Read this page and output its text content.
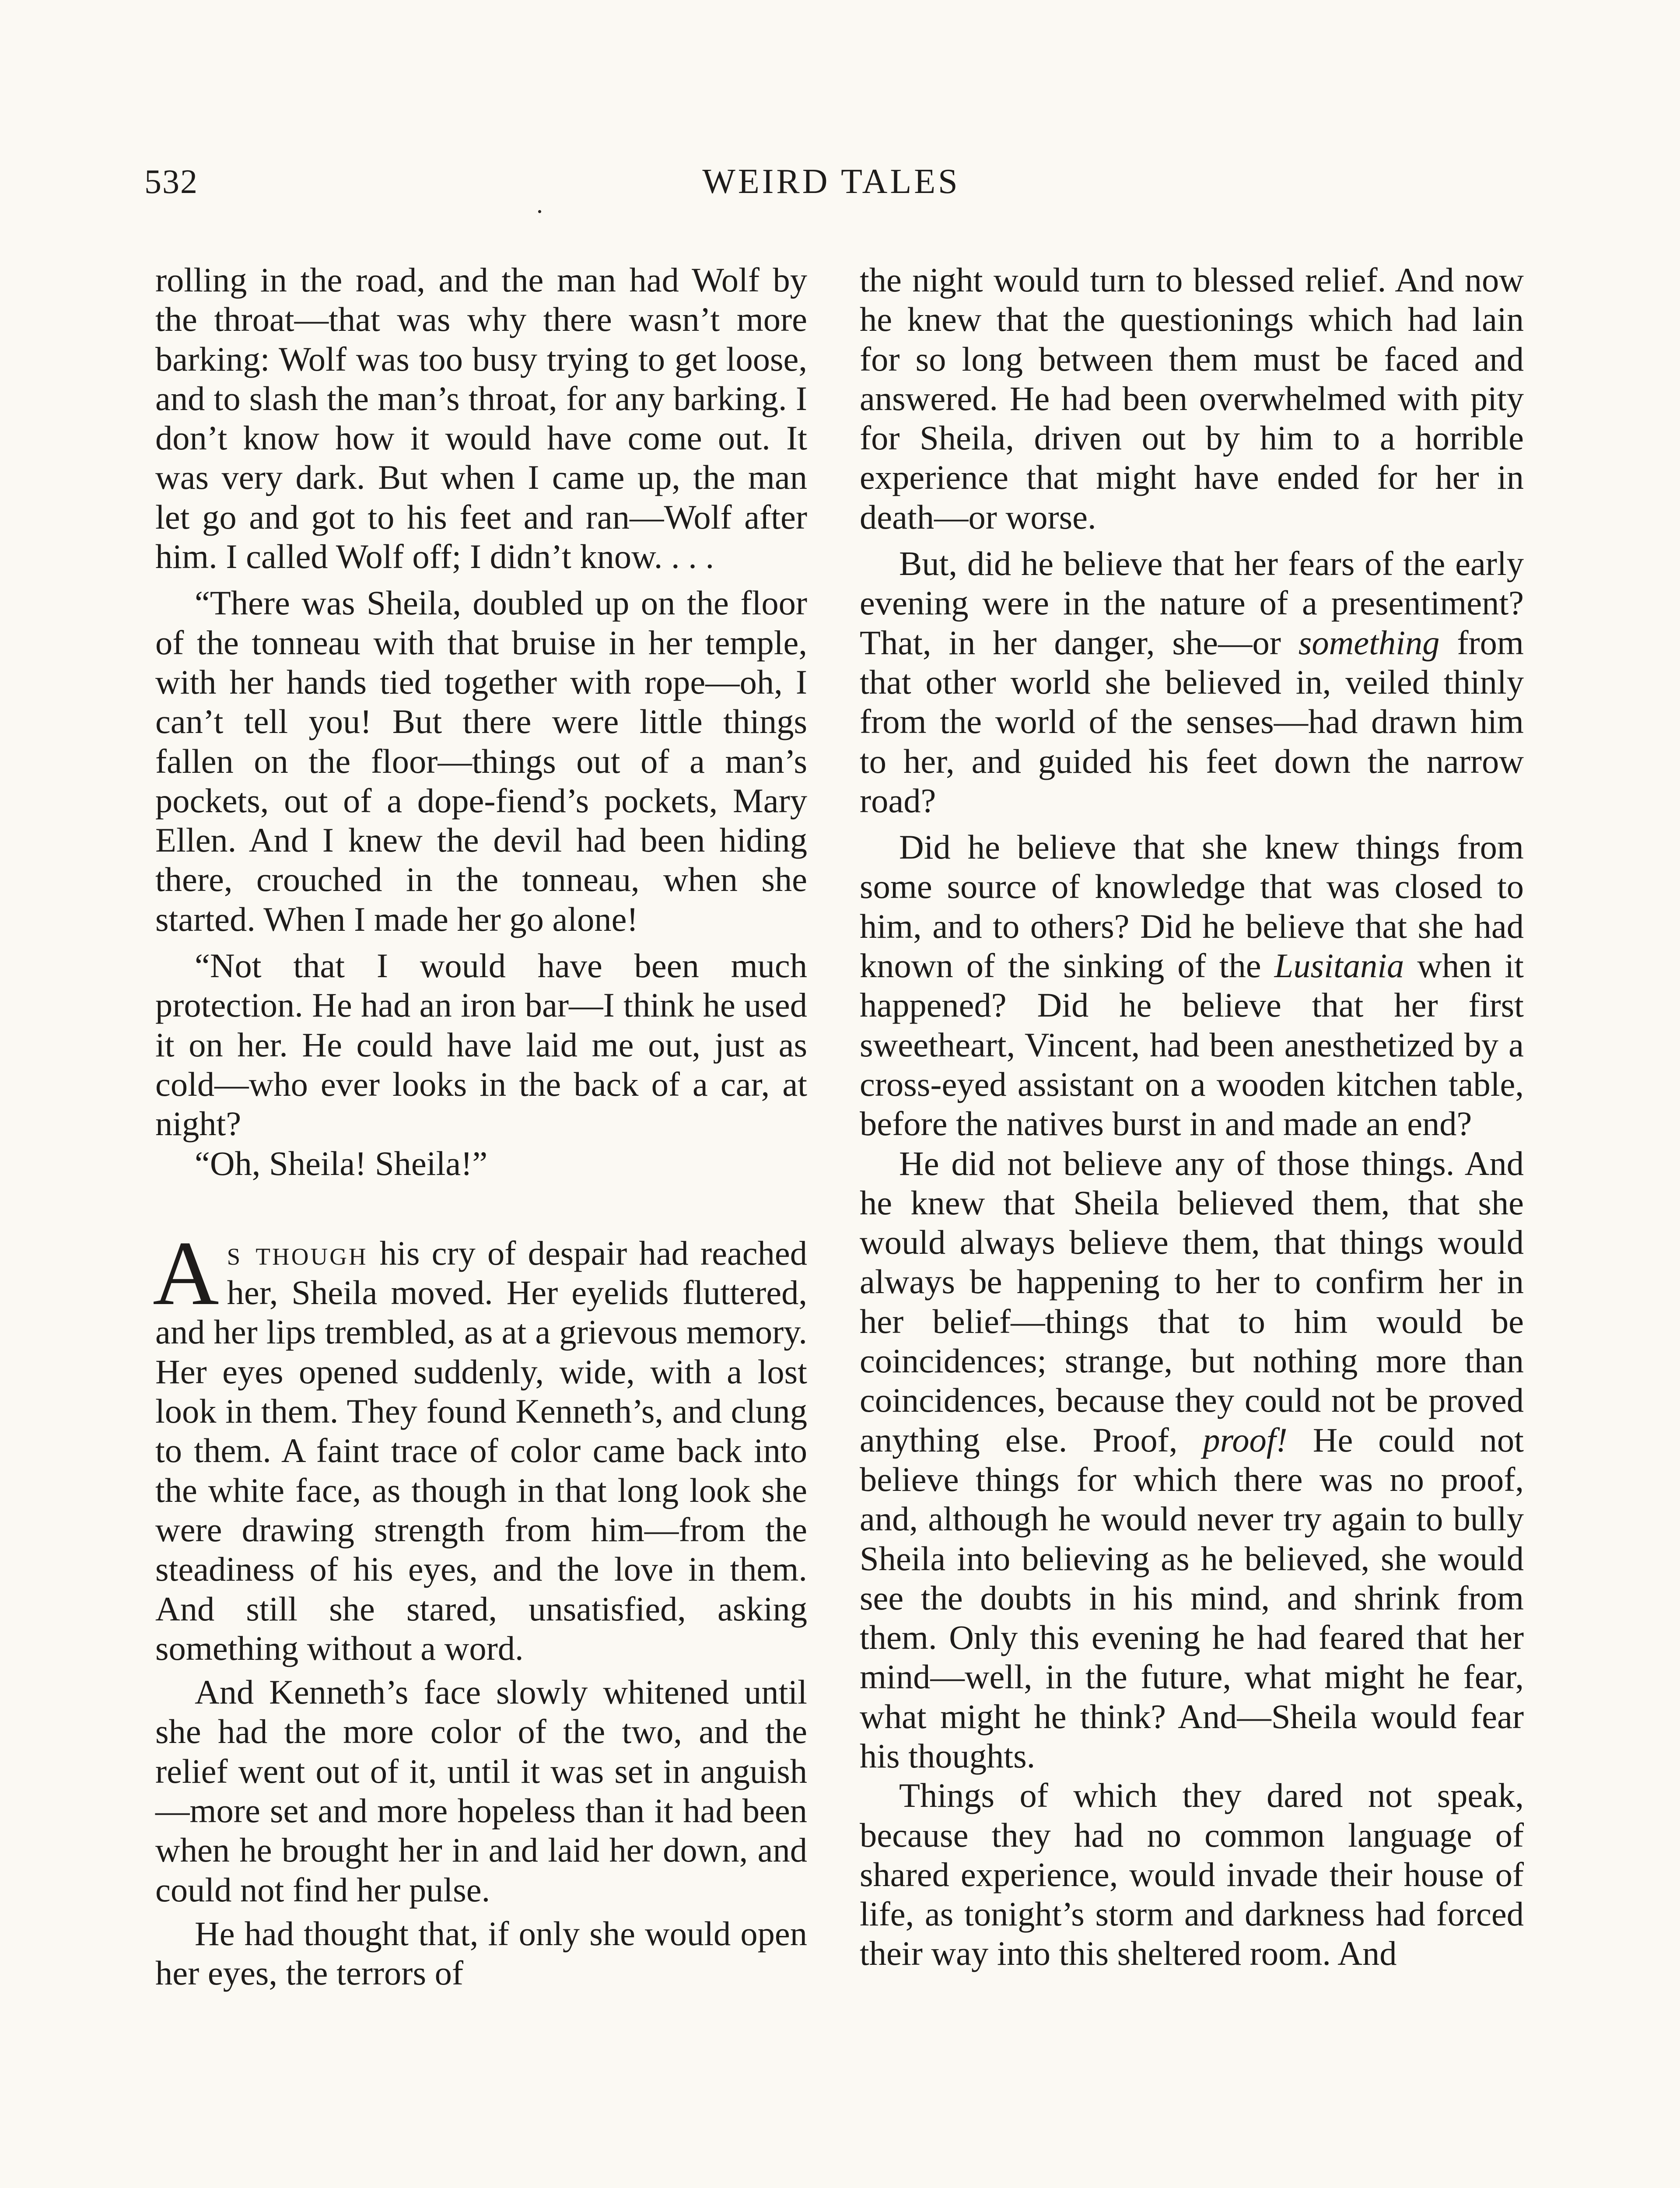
532	WEIRD TALES

rolling in the road, and the man had Wolf by the throat—that was why there wasn’t more barking: Wolf was too busy trying to get loose, and to slash the man’s throat, for any barking. I don’t know how it would have come out. It was very dark. But when I came up, the man let go and got to his feet and ran—Wolf after him. I called Wolf off; I didn’t know. . . .

“There was Sheila, doubled up on the floor of the tonneau with that bruise in her temple, with her hands tied together with rope—oh, I can’t tell you! But there were little things fallen on the floor—things out of a man’s pockets, out of a dope-fiend’s pockets, Mary Ellen. And I knew the devil had been hiding there, crouched in the tonneau, when she started. When I made her go alone!

“Not that I would have been much protection. He had an iron bar—I think he used it on her. He could have laid me out, just as cold—who ever looks in the back of a car, at night?

“Oh, Sheila! Sheila!”

As though his cry of despair had reached her, Sheila moved. Her eyelids fluttered, and her lips trembled, as at a grievous memory. Her eyes opened suddenly, wide, with a lost look in them. They found Kenneth’s, and clung to them. A faint trace of color came back into the white face, as though in that long look she were drawing strength from him—from the steadiness of his eyes, and the love in them. And still she stared, unsatisfied, asking something without a word.

And Kenneth’s face slowly whitened until she had the more color of the two, and the relief went out of it, until it was set in anguish—more set and more hopeless than it had been when he brought her in and laid her down, and could not find her pulse.

He had thought that, if only she would open her eyes, the terrors of

the night would turn to blessed relief. And now he knew that the questionings which had lain for so long between them must be faced and answered. He had been overwhelmed with pity for Sheila, driven out by him to a horrible experience that might have ended for her in death—or worse.

But, did he believe that her fears of the early evening were in the nature of a presentiment? That, in her danger, she—or something from that other world she believed in, veiled thinly from the world of the senses—had drawn him to her, and guided his feet down the narrow road?

Did he believe that she knew things from some source of knowledge that was closed to him, and to others? Did he believe that she had known of the sinking of the Lusitania when it happened? Did he believe that her first sweetheart, Vincent, had been anesthetized by a cross-eyed assistant on a wooden kitchen table, before the natives burst in and made an end?

He did not believe any of those things. And he knew that Sheila believed them, that she would always believe them, that things would always be happening to her to confirm her in her belief—things that to him would be coincidences; strange, but nothing more than coincidences, because they could not be proved anything else. Proof, proof! He could not believe things for which there was no proof, and, although he would never try again to bully Sheila into believing as he believed, she would see the doubts in his mind, and shrink from them. Only this evening he had feared that her mind—well, in the future, what might he fear, what might he think? And—Sheila would fear his thoughts.

Things of which they dared not speak, because they had no common language of shared experience, would invade their house of life, as tonight’s storm and darkness had forced their way into this sheltered room. And
